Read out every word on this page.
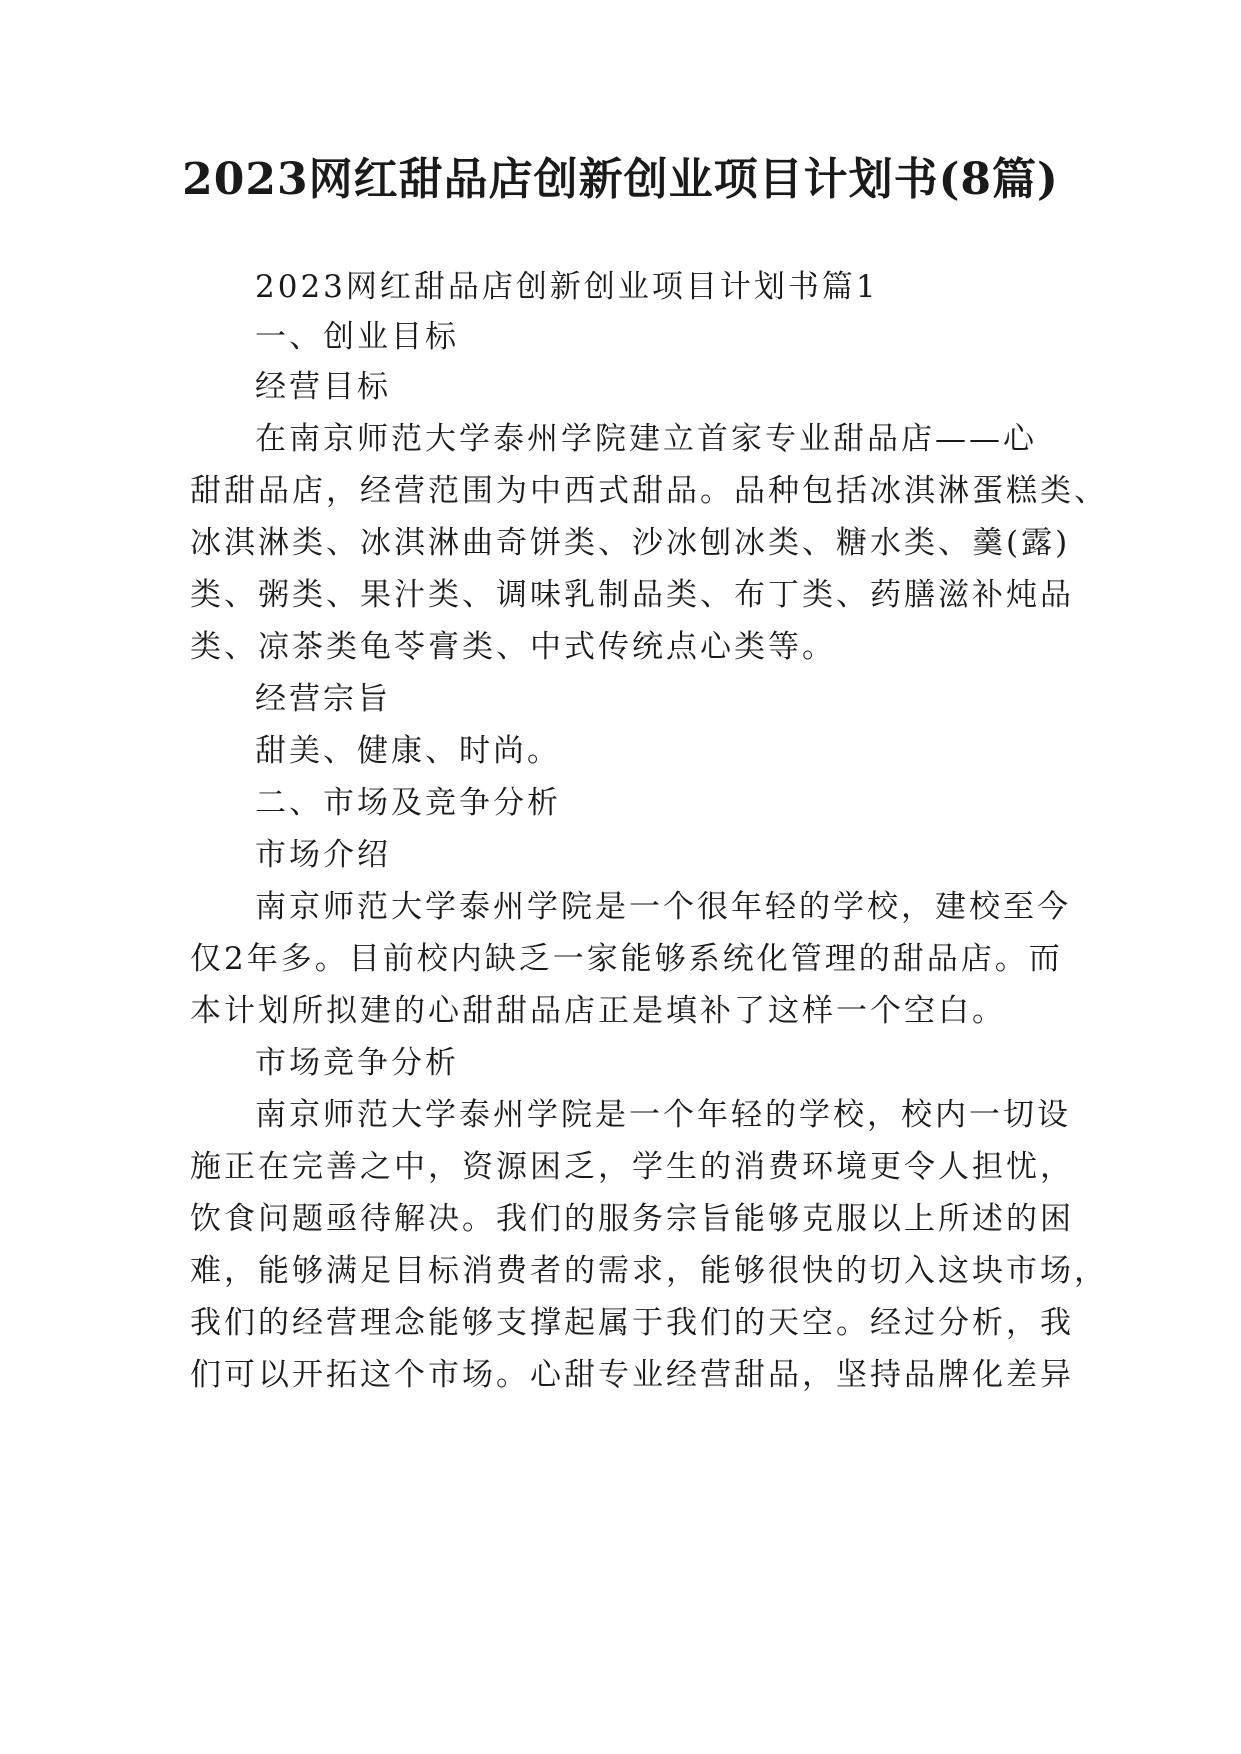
2023网红甜品店创新创业项目计划书(8篇)
2023网红甜品店创新创业项目计划书篇1
一、创业目标
经营目标
在南京师范大学泰州学院建立首家专业甜品店——心
甜甜品店，经营范围为中西式甜品。品种包括冰淇淋蛋糕类、
冰淇淋类、冰淇淋曲奇饼类、沙冰刨冰类、糖水类、羹(露)
类、粥类、果汁类、调味乳制品类、布丁类、药膳滋补炖品
类、凉茶类龟苓膏类、中式传统点心类等。
经营宗旨
甜美、健康、时尚。
二、市场及竞争分析
市场介绍
南京师范大学泰州学院是一个很年轻的学校，建校至今
仅2年多。目前校内缺乏一家能够系统化管理的甜品店。而
本计划所拟建的心甜甜品店正是填补了这样一个空白。
市场竞争分析
南京师范大学泰州学院是一个年轻的学校，校内一切设
施正在完善之中，资源困乏，学生的消费环境更令人担忧，
饮食问题亟待解决。我们的服务宗旨能够克服以上所述的困
难，能够满足目标消费者的需求，能够很快的切入这块市场，
我们的经营理念能够支撑起属于我们的天空。经过分析，我
们可以开拓这个市场。心甜专业经营甜品，坚持品牌化差异
